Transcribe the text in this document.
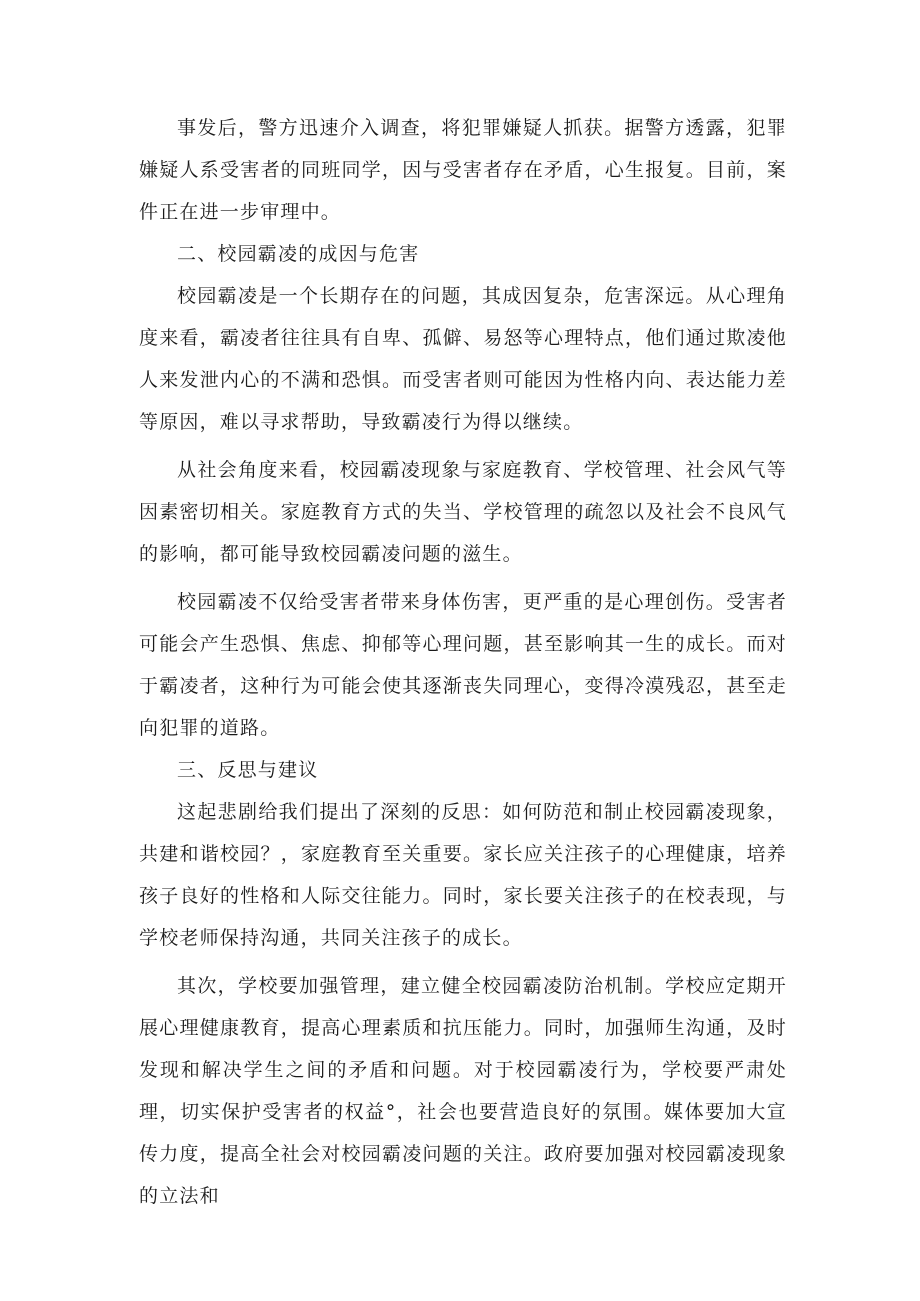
事发后，警方迅速介入调查，将犯罪嫌疑人抓获。据警方透露，犯罪嫌疑人系受害者的同班同学，因与受害者存在矛盾，心生报复。目前，案件正在进一步审理中。

二、校园霸凌的成因与危害

校园霸凌是一个长期存在的问题，其成因复杂，危害深远。从心理角度来看，霸凌者往往具有自卑、孤僻、易怒等心理特点，他们通过欺凌他人来发泄内心的不满和恐惧。而受害者则可能因为性格内向、表达能力差等原因，难以寻求帮助，导致霸凌行为得以继续。

从社会角度来看，校园霸凌现象与家庭教育、学校管理、社会风气等因素密切相关。家庭教育方式的失当、学校管理的疏忽以及社会不良风气的影响，都可能导致校园霸凌问题的滋生。

校园霸凌不仅给受害者带来身体伤害，更严重的是心理创伤。受害者可能会产生恐惧、焦虑、抑郁等心理问题，甚至影响其一生的成长。而对于霸凌者，这种行为可能会使其逐渐丧失同理心，变得冷漠残忍，甚至走向犯罪的道路。

三、反思与建议

这起悲剧给我们提出了深刻的反思：如何防范和制止校园霸凌现象，共建和谐校园？，家庭教育至关重要。家长应关注孩子的心理健康，培养孩子良好的性格和人际交往能力。同时，家长要关注孩子的在校表现，与学校老师保持沟通，共同关注孩子的成长。

其次，学校要加强管理，建立健全校园霸凌防治机制。学校应定期开展心理健康教育，提高心理素质和抗压能力。同时，加强师生沟通，及时发现和解决学生之间的矛盾和问题。对于校园霸凌行为，学校要严肃处理，切实保护受害者的权益°，社会也要营造良好的氛围。媒体要加大宣传力度，提高全社会对校园霸凌问题的关注。政府要加强对校园霸凌现象的立法和
